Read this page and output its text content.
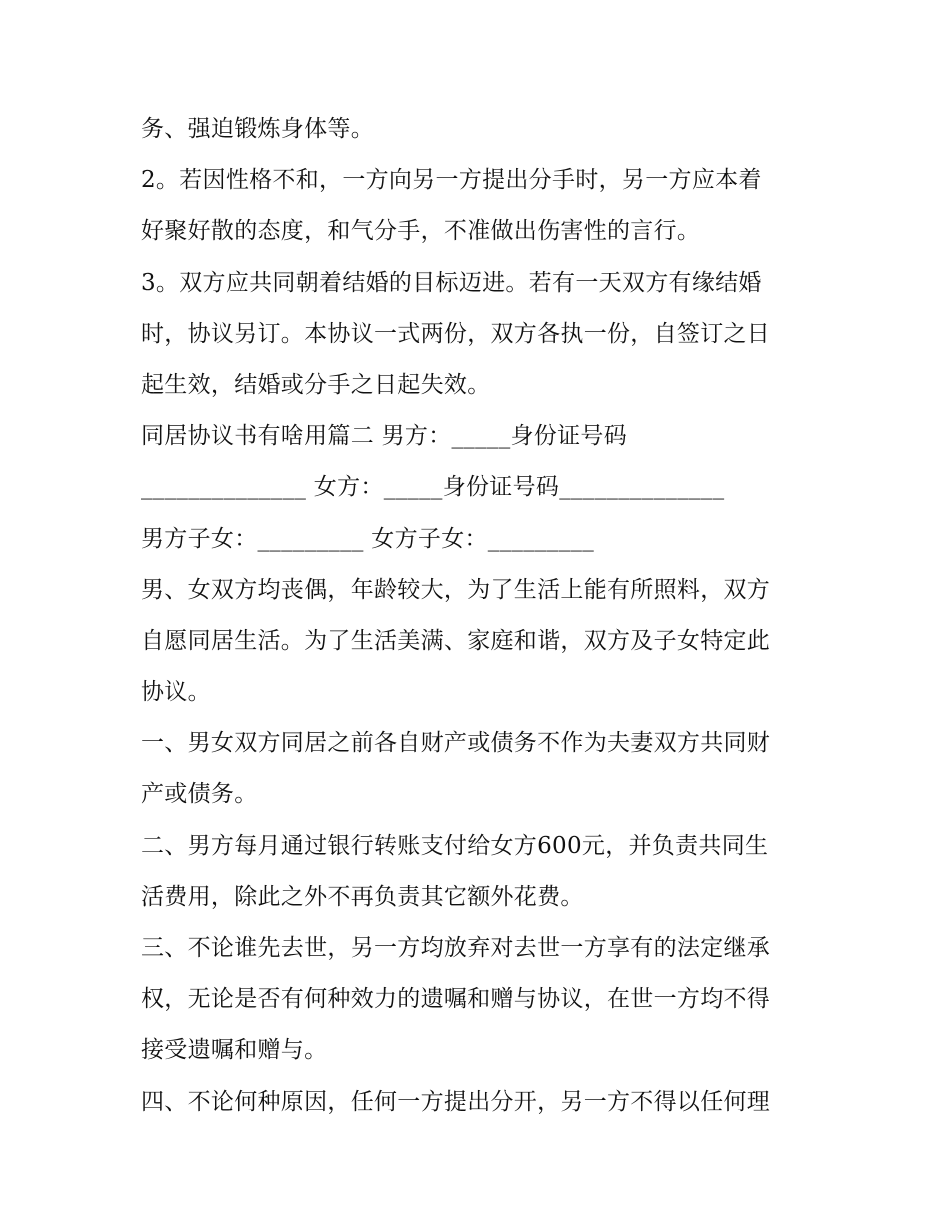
务、强迫锻炼身体等。
2。若因性格不和，一方向另一方提出分手时，另一方应本着
好聚好散的态度，和气分手，不准做出伤害性的言行。
3。双方应共同朝着结婚的目标迈进。若有一天双方有缘结婚
时，协议另订。本协议一式两份，双方各执一份，自签订之日
起生效，结婚或分手之日起失效。
同居协议书有啥用篇二 男方：_____身份证号码
______________ 女方：_____身份证号码______________
男方子女：_________ 女方子女：_________
男、女双方均丧偶，年龄较大，为了生活上能有所照料，双方
自愿同居生活。为了生活美满、家庭和谐，双方及子女特定此
协议。
一、男女双方同居之前各自财产或债务不作为夫妻双方共同财
产或债务。
二、男方每月通过银行转账支付给女方600元，并负责共同生
活费用，除此之外不再负责其它额外花费。
三、不论谁先去世，另一方均放弃对去世一方享有的法定继承
权，无论是否有何种效力的遗嘱和赠与协议，在世一方均不得
接受遗嘱和赠与。
四、不论何种原因，任何一方提出分开，另一方不得以任何理
